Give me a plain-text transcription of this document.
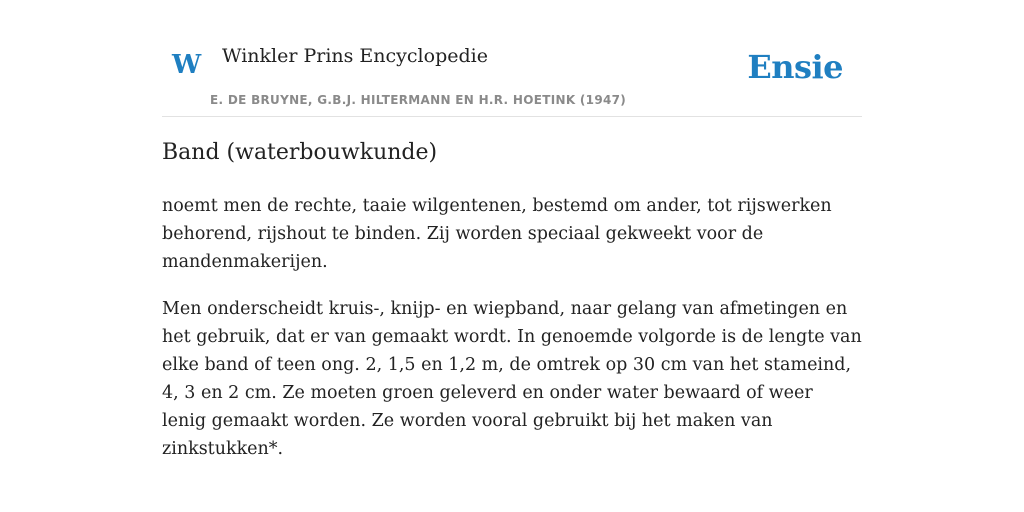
W Winkler Prins Encyclopedie
E. DE BRUYNE, G.B.J. HILTERMANN EN H.R. HOETINK (1947)
Ensie
Band (waterbouwkunde)

noemt men de rechte, taaie wilgentenen, bestemd om ander, tot rijswerken behorend, rijshout te binden. Zij worden speciaal gekweekt voor de mandenmakerijen.

Men onderscheidt kruis-, knijp- en wiepband, naar gelang van afmetingen en het gebruik, dat er van gemaakt wordt. In genoemde volgorde is de lengte van elke band of teen ong. 2, 1,5 en 1,2 m, de omtrek op 30 cm van het stameind, 4, 3 en 2 cm. Ze moeten groen geleverd en onder water bewaard of weer lenig gemaakt worden. Ze worden vooral gebruikt bij het maken van zinkstukken*.
